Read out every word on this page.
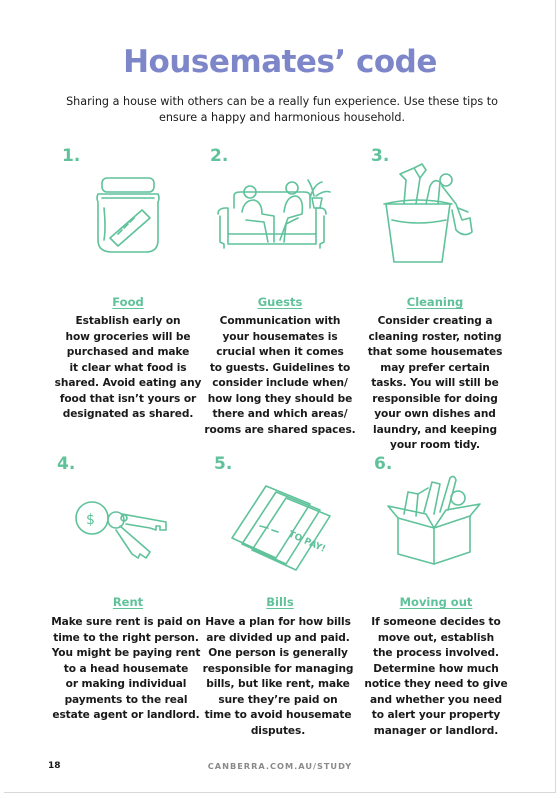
Housemates’ code
Sharing a house with others can be a really fun experience. Use these tips to
ensure a happy and harmonious household.
1.
Food
Establish early on
how groceries will be
purchased and make
it clear what food is
shared. Avoid eating any
food that isn’t yours or
designated as shared.
2.
Guests
Communication with
your housemates is
crucial when it comes
to guests. Guidelines to
consider include when/
how long they should be
there and which areas/
rooms are shared spaces.
3.
Cleaning
Consider creating a
cleaning roster, noting
that some housemates
may prefer certain
tasks. You will still be
responsible for doing
your own dishes and
laundry, and keeping
your room tidy.
4.
$
Rent
Make sure rent is paid on
time to the right person.
You might be paying rent
to a head housemate
or making individual
payments to the real
estate agent or landlord.
5.
TO PAY!
Bills
Have a plan for how bills
are divided up and paid.
One person is generally
responsible for managing
bills, but like rent, make
sure they’re paid on
time to avoid housemate
disputes.
6.
Moving out
If someone decides to
move out, establish
the process involved.
Determine how much
notice they need to give
and whether you need
to alert your property
manager or landlord.
18	CANBERRA.COM.AU/STUDY
